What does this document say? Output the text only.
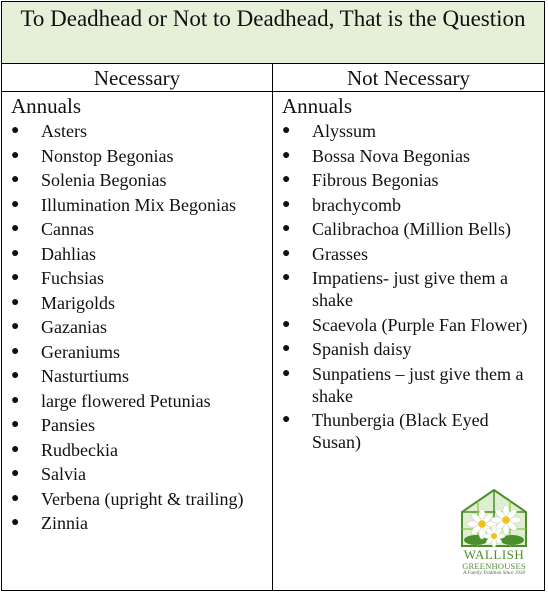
To Deadhead or Not to Deadhead, That is the Question
Necessary
Annuals
●	Asters
●	Nonstop Begonias
●	Solenia Begonias
●	Illumination Mix Begonias
●	Cannas
●	Dahlias
●	Fuchsias
●	Marigolds
●	Gazanias
●	Geraniums
●	Nasturtiums
●	large flowered Petunias
●	Pansies
●	Rudbeckia
●	Salvia
●	Verbena (upright & trailing)
●	Zinnia
Not Necessary
Annuals
●	Alyssum
●	Bossa Nova Begonias
●	Fibrous Begonias
●	brachycomb
●	Calibrachoa (Million Bells)
●	Grasses
●	Impatiens- just give them a shake
●	Scaevola (Purple Fan Flower)
●	Spanish daisy
●	Sunpatiens – just give them a shake
●	Thunbergia (Black Eyed Susan)
WALLISH
GREENHOUSES
A Family Tradition Since 1918
